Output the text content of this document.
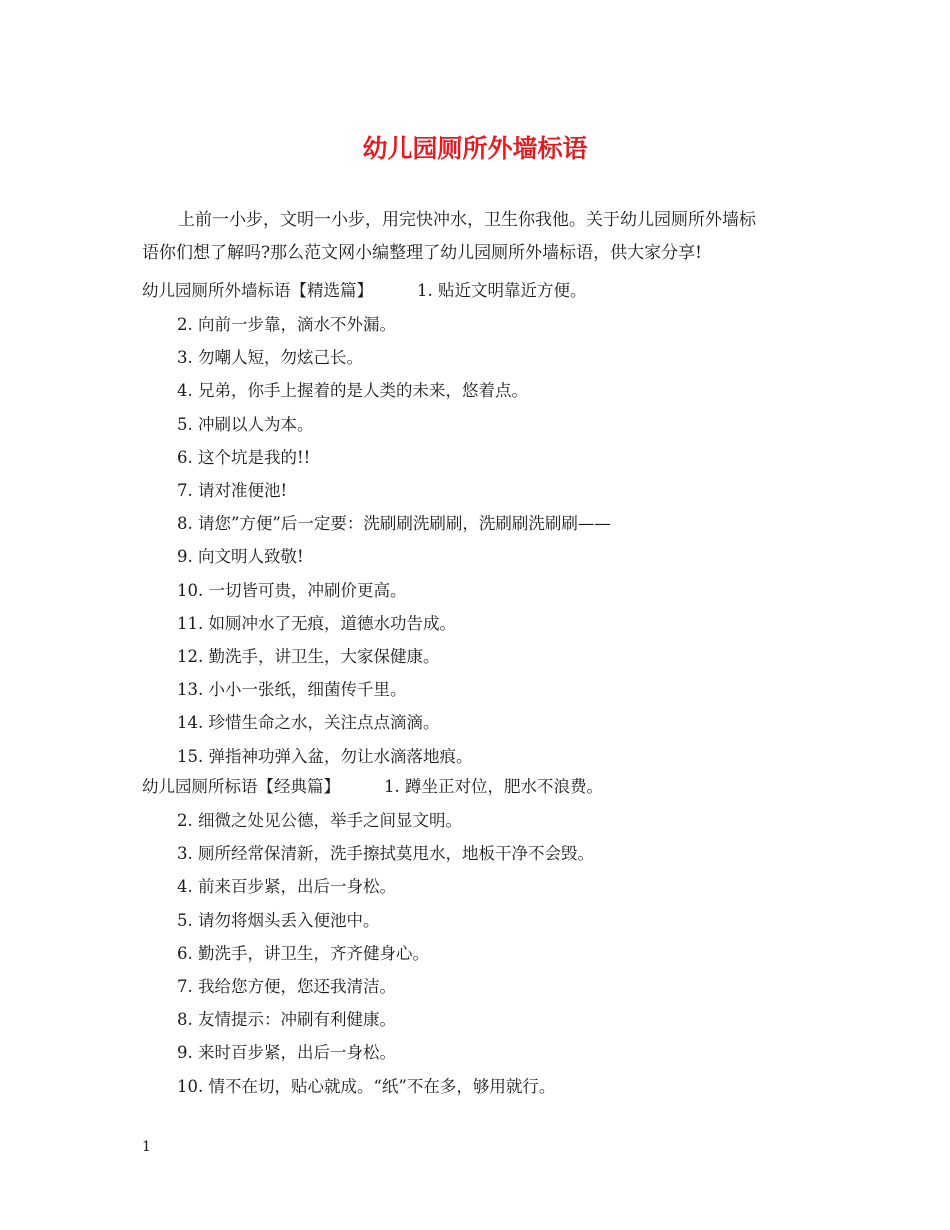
幼儿园厕所外墙标语
上前一小步，文明一小步，用完快冲水，卫生你我他。关于幼儿园厕所外墙标
语你们想了解吗?那么范文网小编整理了幼儿园厕所外墙标语，供大家分享!
幼儿园厕所外墙标语【精选篇】	1. 贴近文明靠近方便。
2. 向前一步靠，滴水不外漏。
3. 勿嘲人短，勿炫己长。
4. 兄弟，你手上握着的是人类的未来，悠着点。
5. 冲刷以人为本。
6. 这个坑是我的!!
7. 请对准便池!
8. 请您”方便”后一定要：洗刷刷洗刷刷，洗刷刷洗刷刷——
9. 向文明人致敬!
10. 一切皆可贵，冲刷价更高。
11. 如厕冲水了无痕，道德水功告成。
12. 勤洗手，讲卫生，大家保健康。
13. 小小一张纸，细菌传千里。
14. 珍惜生命之水，关注点点滴滴。
15. 弹指神功弹入盆，勿让水滴落地痕。
幼儿园厕所标语【经典篇】	1. 蹲坐正对位，肥水不浪费。
2. 细微之处见公德，举手之间显文明。
3. 厕所经常保清新，洗手擦拭莫甩水，地板干净不会毁。
4. 前来百步紧，出后一身松。
5. 请勿将烟头丢入便池中。
6. 勤洗手，讲卫生，齐齐健身心。
7. 我给您方便，您还我清洁。
8. 友情提示：冲刷有利健康。
9. 来时百步紧，出后一身松。
10. 情不在切，贴心就成。“纸”不在多，够用就行。
1
